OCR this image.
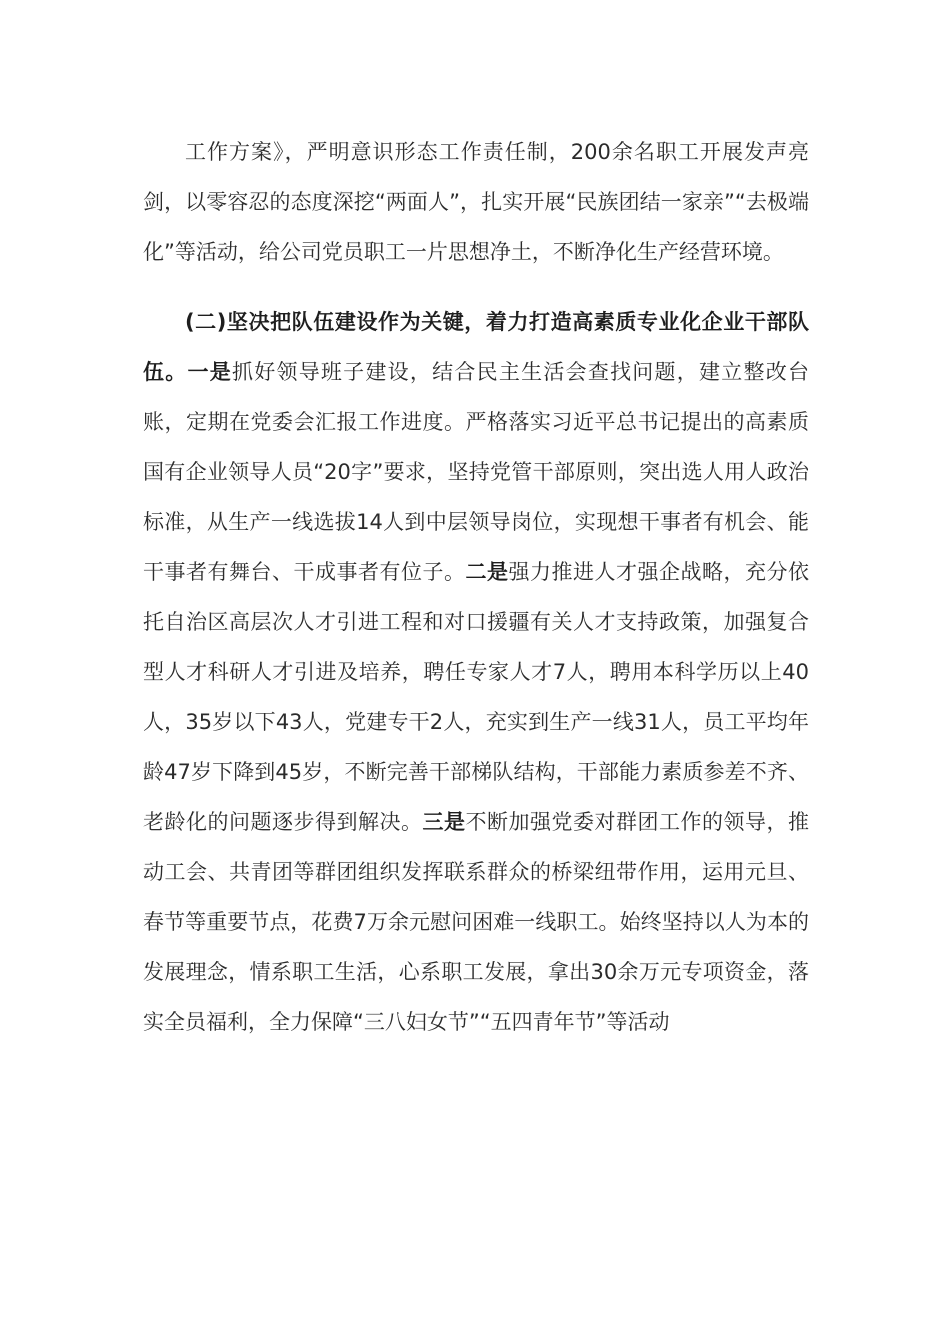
工作方案》，严明意识形态工作责任制，200余名职工开展发声亮剑，以零容忍的态度深挖“两面人”，扎实开展“民族团结一家亲”“去极端化”等活动，给公司党员职工一片思想净土，不断净化生产经营环境。

(二)坚决把队伍建设作为关键，着力打造高素质专业化企业干部队伍。一是抓好领导班子建设，结合民主生活会查找问题，建立整改台账，定期在党委会汇报工作进度。严格落实习近平总书记提出的高素质国有企业领导人员“20字”要求，坚持党管干部原则，突出选人用人政治标准，从生产一线选拔14人到中层领导岗位，实现想干事者有机会、能干事者有舞台、干成事者有位子。二是强力推进人才强企战略，充分依托自治区高层次人才引进工程和对口援疆有关人才支持政策，加强复合型人才科研人才引进及培养，聘任专家人才7人，聘用本科学历以上40人，35岁以下43人，党建专干2人，充实到生产一线31人，员工平均年龄47岁下降到45岁，不断完善干部梯队结构，干部能力素质参差不齐、老龄化的问题逐步得到解决。三是不断加强党委对群团工作的领导，推动工会、共青团等群团组织发挥联系群众的桥梁纽带作用，运用元旦、春节等重要节点，花费7万余元慰问困难一线职工。始终坚持以人为本的发展理念，情系职工生活，心系职工发展，拿出30余万元专项资金，落实全员福利，全力保障“三八妇女节”“五四青年节”等活动
